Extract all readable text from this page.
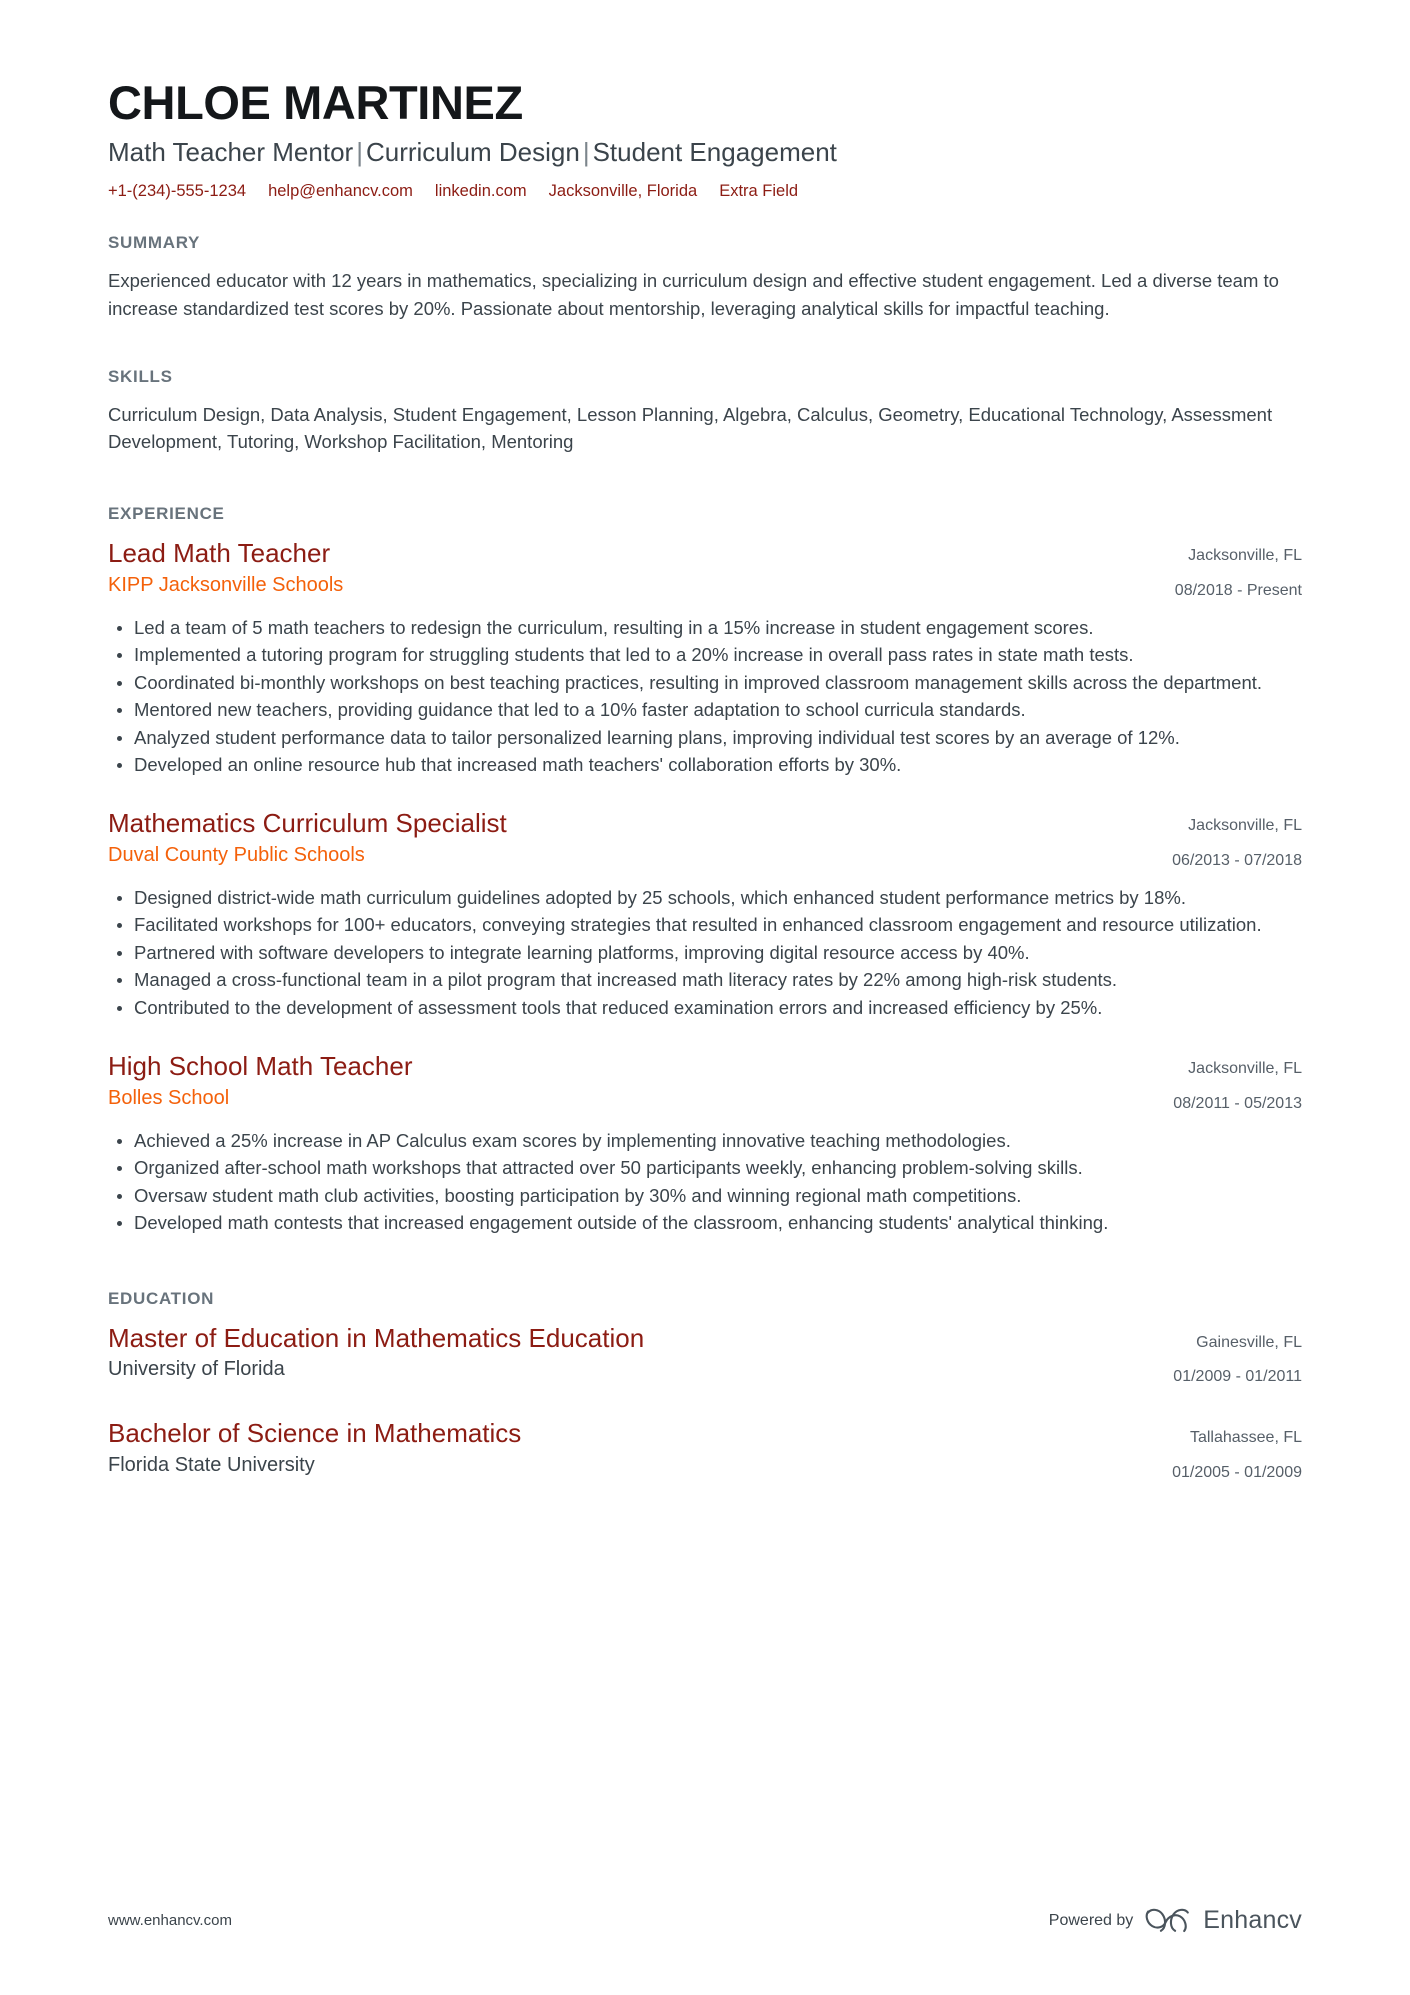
CHLOE MARTINEZ
Math Teacher Mentor | Curriculum Design | Student Engagement
+1-(234)-555-1234 help@enhancv.com linkedin.com Jacksonville, Florida Extra Field
SUMMARY

Experienced educator with 12 years in mathematics, specializing in curriculum design and effective student engagement. Led a diverse team to increase standardized test scores by 20%. Passionate about mentorship, leveraging analytical skills for impactful teaching.

SKILLS

Curriculum Design, Data Analysis, Student Engagement, Lesson Planning, Algebra, Calculus, Geometry, Educational Technology, Assessment Development, Tutoring, Workshop Facilitation, Mentoring

EXPERIENCE
Lead Math Teacher
KIPP Jacksonville Schools
Jacksonville, FL
08/2018 - Present
Led a team of 5 math teachers to redesign the curriculum, resulting in a 15% increase in student engagement scores.
Implemented a tutoring program for struggling students that led to a 20% increase in overall pass rates in state math tests.
Coordinated bi-monthly workshops on best teaching practices, resulting in improved classroom management skills across the department.
Mentored new teachers, providing guidance that led to a 10% faster adaptation to school curricula standards.
Analyzed student performance data to tailor personalized learning plans, improving individual test scores by an average of 12%.
Developed an online resource hub that increased math teachers' collaboration efforts by 30%.
Mathematics Curriculum Specialist
Duval County Public Schools
Jacksonville, FL
06/2013 - 07/2018
Designed district-wide math curriculum guidelines adopted by 25 schools, which enhanced student performance metrics by 18%.
Facilitated workshops for 100+ educators, conveying strategies that resulted in enhanced classroom engagement and resource utilization.
Partnered with software developers to integrate learning platforms, improving digital resource access by 40%.
Managed a cross-functional team in a pilot program that increased math literacy rates by 22% among high-risk students.
Contributed to the development of assessment tools that reduced examination errors and increased efficiency by 25%.
High School Math Teacher
Bolles School
Jacksonville, FL
08/2011 - 05/2013
Achieved a 25% increase in AP Calculus exam scores by implementing innovative teaching methodologies.
Organized after-school math workshops that attracted over 50 participants weekly, enhancing problem-solving skills.
Oversaw student math club activities, boosting participation by 30% and winning regional math competitions.
Developed math contests that increased engagement outside of the classroom, enhancing students' analytical thinking.
EDUCATION
Master of Education in Mathematics Education
University of Florida
Gainesville, FL
01/2009 - 01/2011
Bachelor of Science in Mathematics
Florida State University
Tallahassee, FL
01/2005 - 01/2009
www.enhancv.com	Powered by	Enhancv
